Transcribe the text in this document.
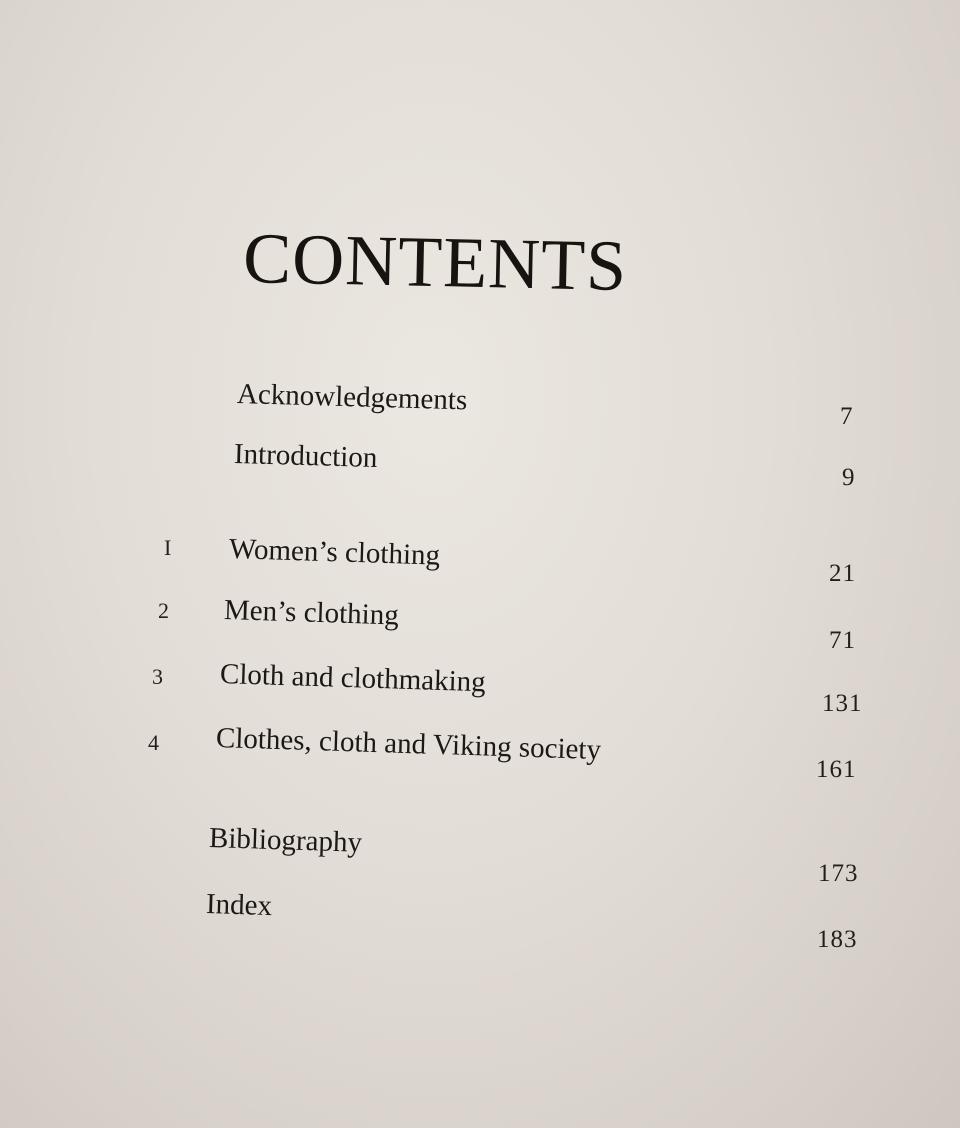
CONTENTS
Acknowledgements
7
Introduction
9
I Women’s clothing
21
2 Men’s clothing
71
3 Cloth and clothmaking
131
4 Clothes, cloth and Viking society
161
Bibliography
173
Index
183
